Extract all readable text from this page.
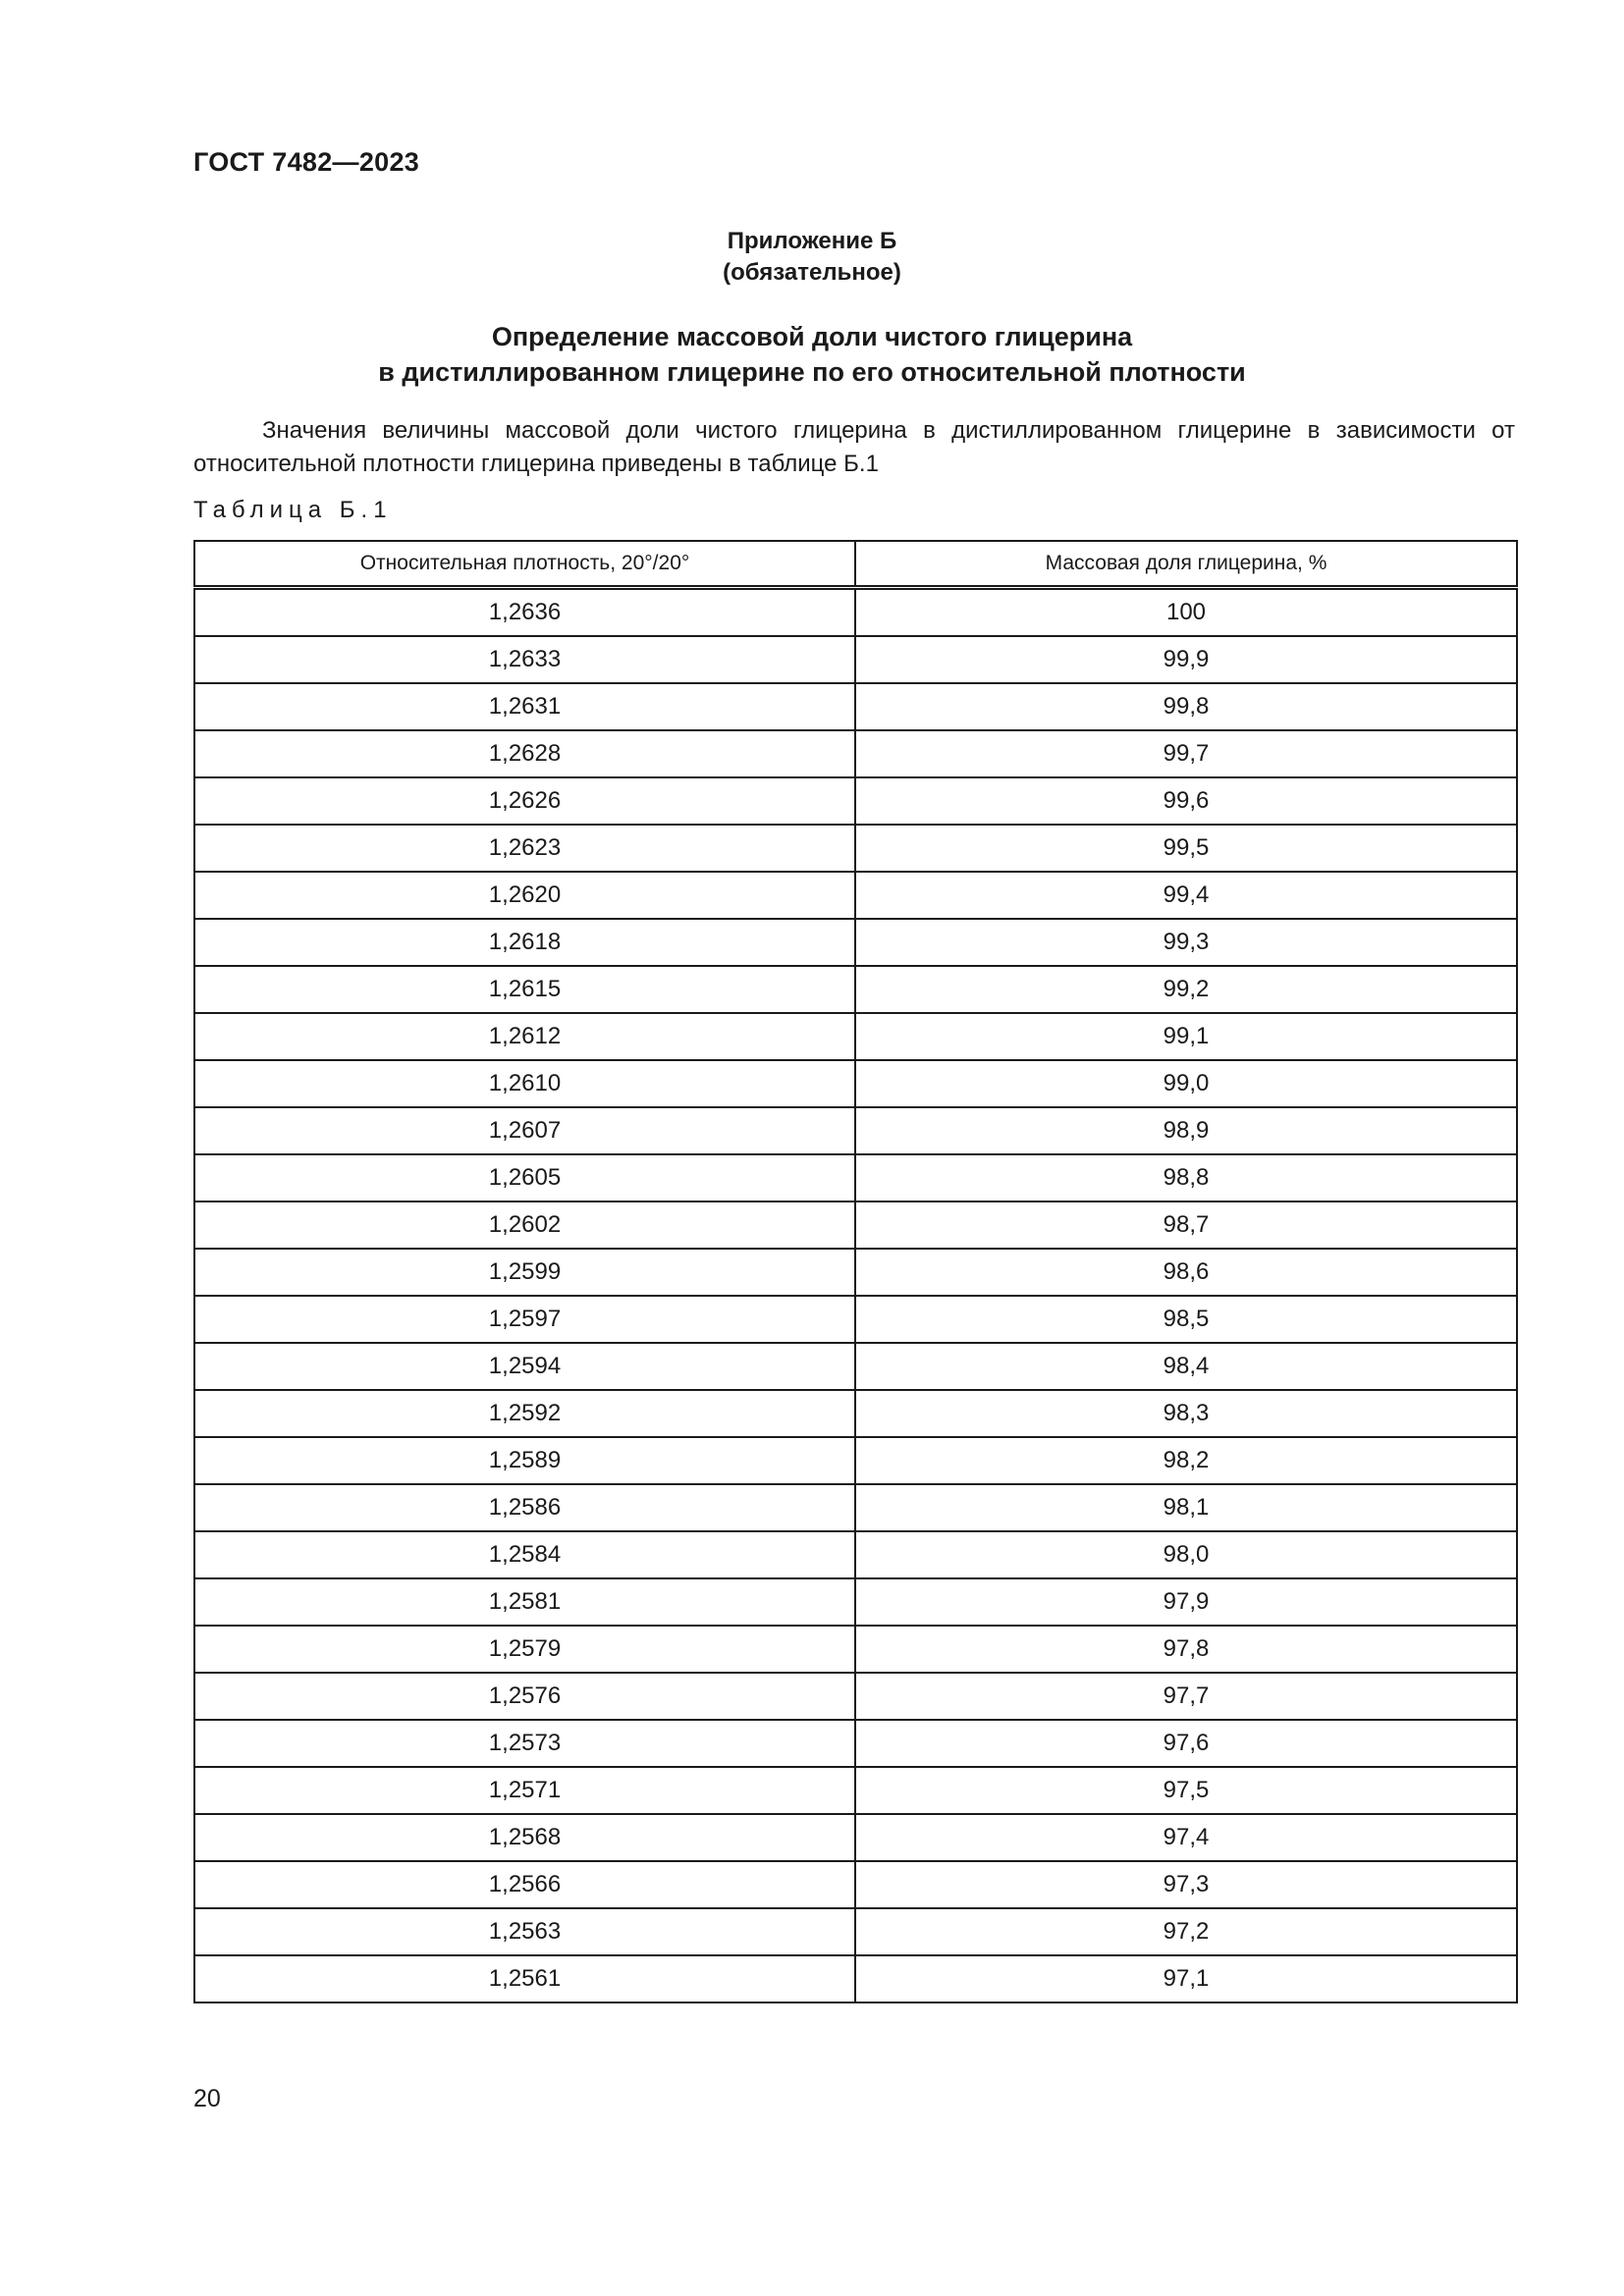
ГОСТ 7482—2023
Приложение Б
(обязательное)
Определение массовой доли чистого глицерина
в дистиллированном глицерине по его относительной плотности
Значения величины массовой доли чистого глицерина в дистиллированном глицерине в зависимости от относительной плотности глицерина приведены в таблице Б.1
Таблица Б.1
Относительная плотность, 20°/20°	Массовая доля глицерина, %
1,2636	100
1,2633	99,9
1,2631	99,8
1,2628	99,7
1,2626	99,6
1,2623	99,5
1,2620	99,4
1,2618	99,3
1,2615	99,2
1,2612	99,1
1,2610	99,0
1,2607	98,9
1,2605	98,8
1,2602	98,7
1,2599	98,6
1,2597	98,5
1,2594	98,4
1,2592	98,3
1,2589	98,2
1,2586	98,1
1,2584	98,0
1,2581	97,9
1,2579	97,8
1,2576	97,7
1,2573	97,6
1,2571	97,5
1,2568	97,4
1,2566	97,3
1,2563	97,2
1,2561	97,1
20
